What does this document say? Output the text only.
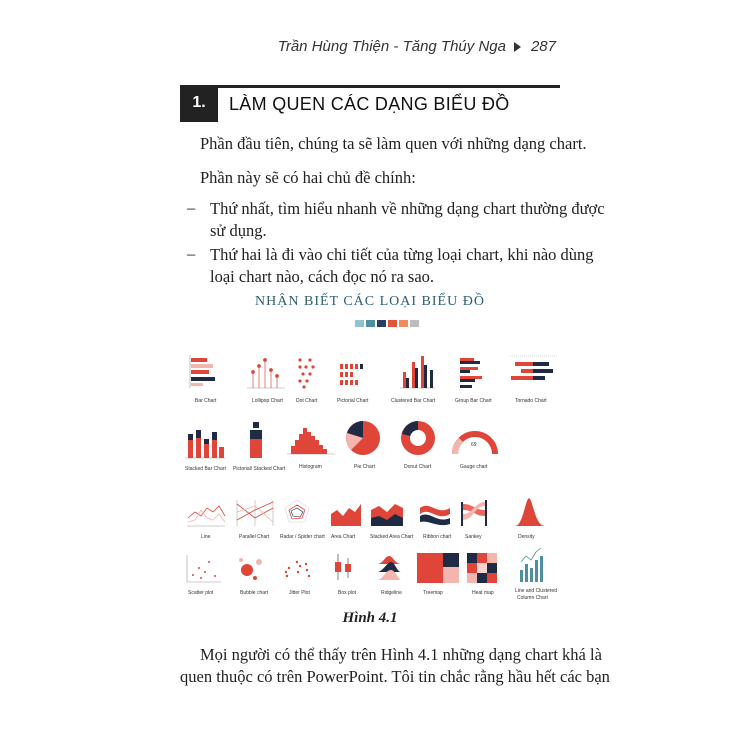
Trần Hùng Thiện - Tăng Thúy Nga 287
1.	LÀM QUEN CÁC DẠNG BIỂU ĐỒ
Phần đầu tiên, chúng ta sẽ làm quen với những dạng chart.
Phần này sẽ có hai chủ đề chính:
– Thứ nhất, tìm hiểu nhanh về những dạng chart thường được
sử dụng.
– Thứ hai là đi vào chi tiết của từng loại chart, khi nào dùng
loại chart nào, cách đọc nó ra sao.
NHẬN BIẾT CÁC LOẠI BIỂU ĐỒ
Bar Chart	Lollipop Chart	Dot Chart	Pictorial Chart	Clustered Bar Chart	Group Bar Chart	Tornado Chart
Stacked Bar Chart Pictorial/ Stacked Chart	Histogram	Pie Chart	Donut Chart
69
Gauge chart
Line	Parallel Chart Radar / Spider chart Area Chart	Stacked Area Chart Ribbon chart	Sankey	Density
Scatter plot	Bubble chart	Jitter Plot	Box plot	Ridgeline	Treemap	Heat map	Line and Clustered
Column Chart
Hình 4.1
Mọi người có thể thấy trên Hình 4.1 những dạng chart khá là
quen thuộc có trên PowerPoint. Tôi tin chắc rằng hầu hết các bạn
